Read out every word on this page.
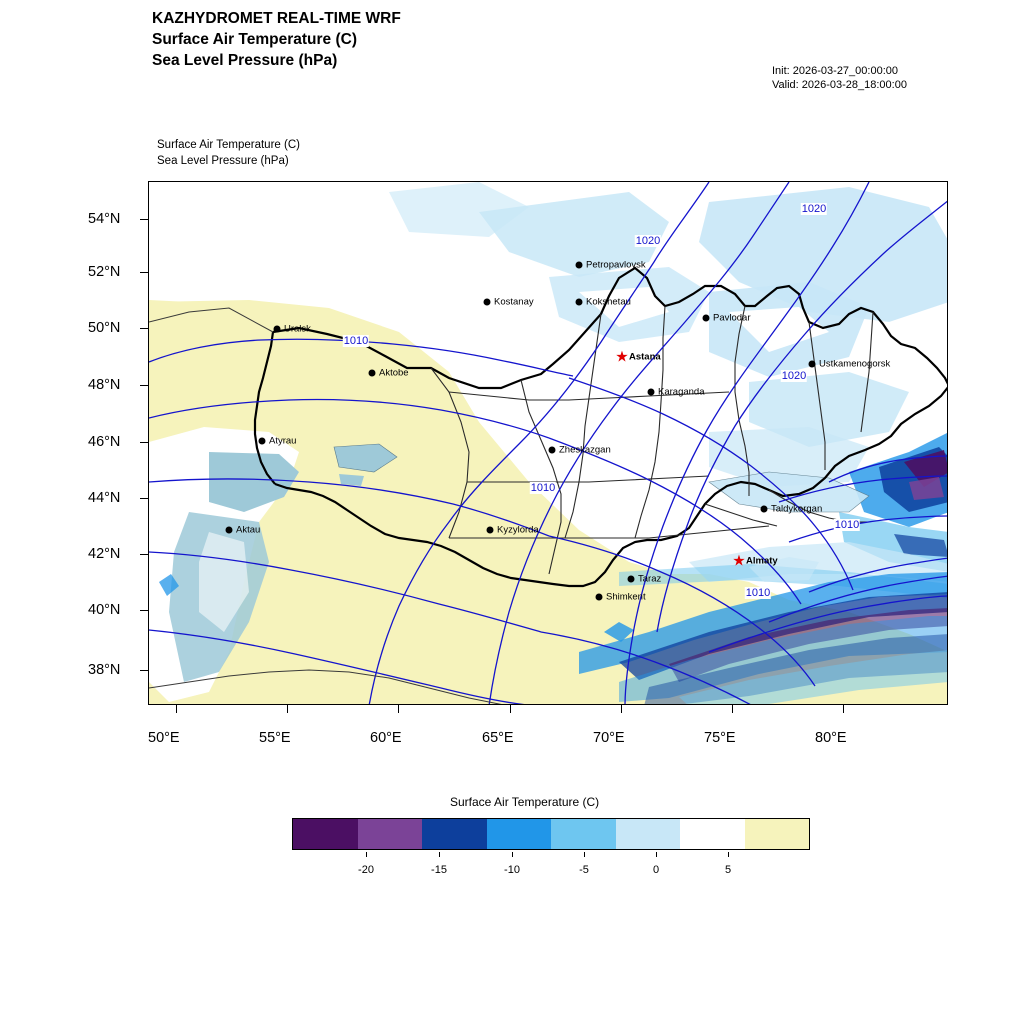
KAZHYDROMET REAL-TIME WRF
Surface Air Temperature (C)
Sea Level Pressure (hPa)
Init: 2026-03-27_00:00:00
Valid: 2026-03-28_18:00:00
Surface Air Temperature (C)
Sea Level Pressure (hPa)
1020
1020
1010
1020
1010
1010
1010
Petropavlovsk
Kostanay	Kokshetau
Pavlodar
Uralsk
★ Astana
Ustkamenogorsk
Aktobe
Karaganda
Atyrau
Zheskazgan
Taldykorgan
Kyzylorda
Aktau
★ Almaty
Taraz
Shimkent
54°N
52°N
50°N
48°N
46°N
44°N
42°N
40°N
38°N
50°E	55°E	60°E	65°E	70°E	75°E	80°E
Surface Air Temperature (C)
-20	-15	-10	-5	0	5
